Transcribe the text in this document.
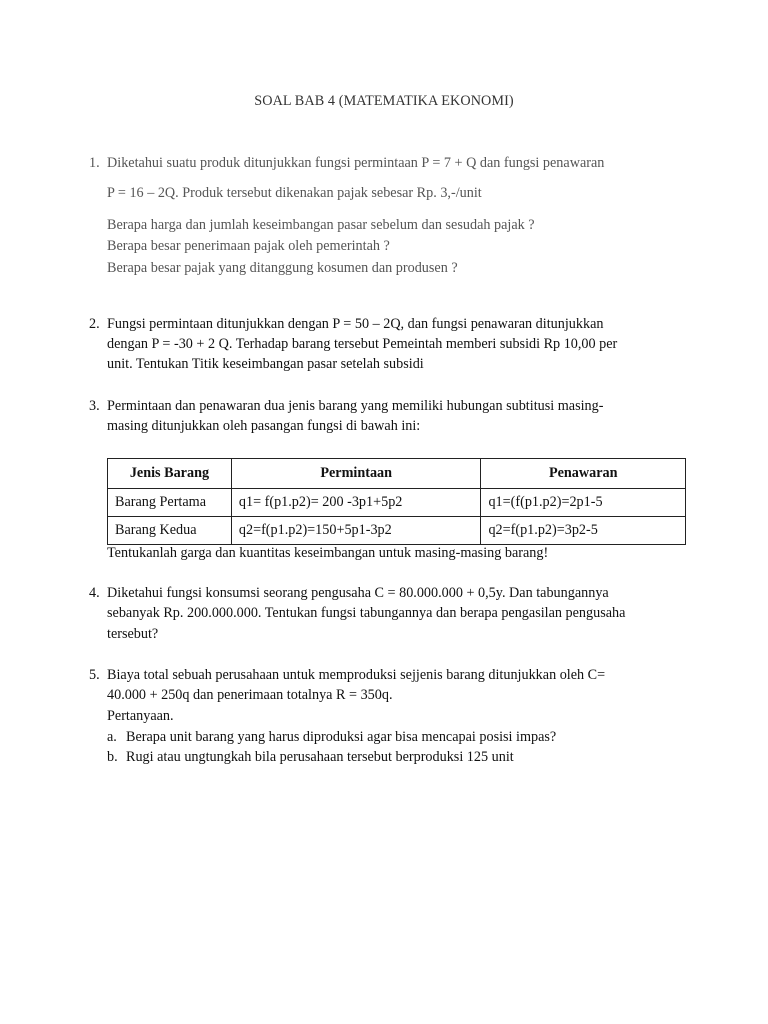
SOAL BAB 4 (MATEMATIKA EKONOMI)
1. Diketahui suatu produk ditunjukkan fungsi permintaan P = 7 + Q dan fungsi penawaran
P = 16 – 2Q. Produk tersebut dikenakan pajak sebesar Rp. 3,-/unit
Berapa harga dan jumlah keseimbangan pasar sebelum dan sesudah pajak ?
Berapa besar penerimaan pajak oleh pemerintah ?
Berapa besar pajak yang ditanggung kosumen dan produsen ?
2. Fungsi permintaan ditunjukkan dengan P = 50 – 2Q, dan fungsi penawaran ditunjukkan
dengan P = -30 + 2 Q. Terhadap barang tersebut Pemeintah memberi subsidi Rp 10,00 per
unit. Tentukan Titik keseimbangan pasar setelah subsidi
3. Permintaan dan penawaran dua jenis barang yang memiliki hubungan subtitusi masing-
masing ditunjukkan oleh pasangan fungsi di bawah ini:
Jenis Barang	Permintaan	Penawaran
Barang Pertama	q1= f(p1.p2)= 200 -3p1+5p2	q1=(f(p1.p2)=2p1-5
Barang Kedua	q2=f(p1.p2)=150+5p1-3p2	q2=f(p1.p2)=3p2-5
Tentukanlah garga dan kuantitas keseimbangan untuk masing-masing barang!
4. Diketahui fungsi konsumsi seorang pengusaha C = 80.000.000 + 0,5y. Dan tabungannya
sebanyak Rp. 200.000.000. Tentukan fungsi tabungannya dan berapa pengasilan pengusaha
tersebut?
5. Biaya total sebuah perusahaan untuk memproduksi sejjenis barang ditunjukkan oleh C=
40.000 + 250q dan penerimaan totalnya R = 350q.
Pertanyaan.
a. Berapa unit barang yang harus diproduksi agar bisa mencapai posisi impas?
b. Rugi atau ungtungkah bila perusahaan tersebut berproduksi 125 unit
